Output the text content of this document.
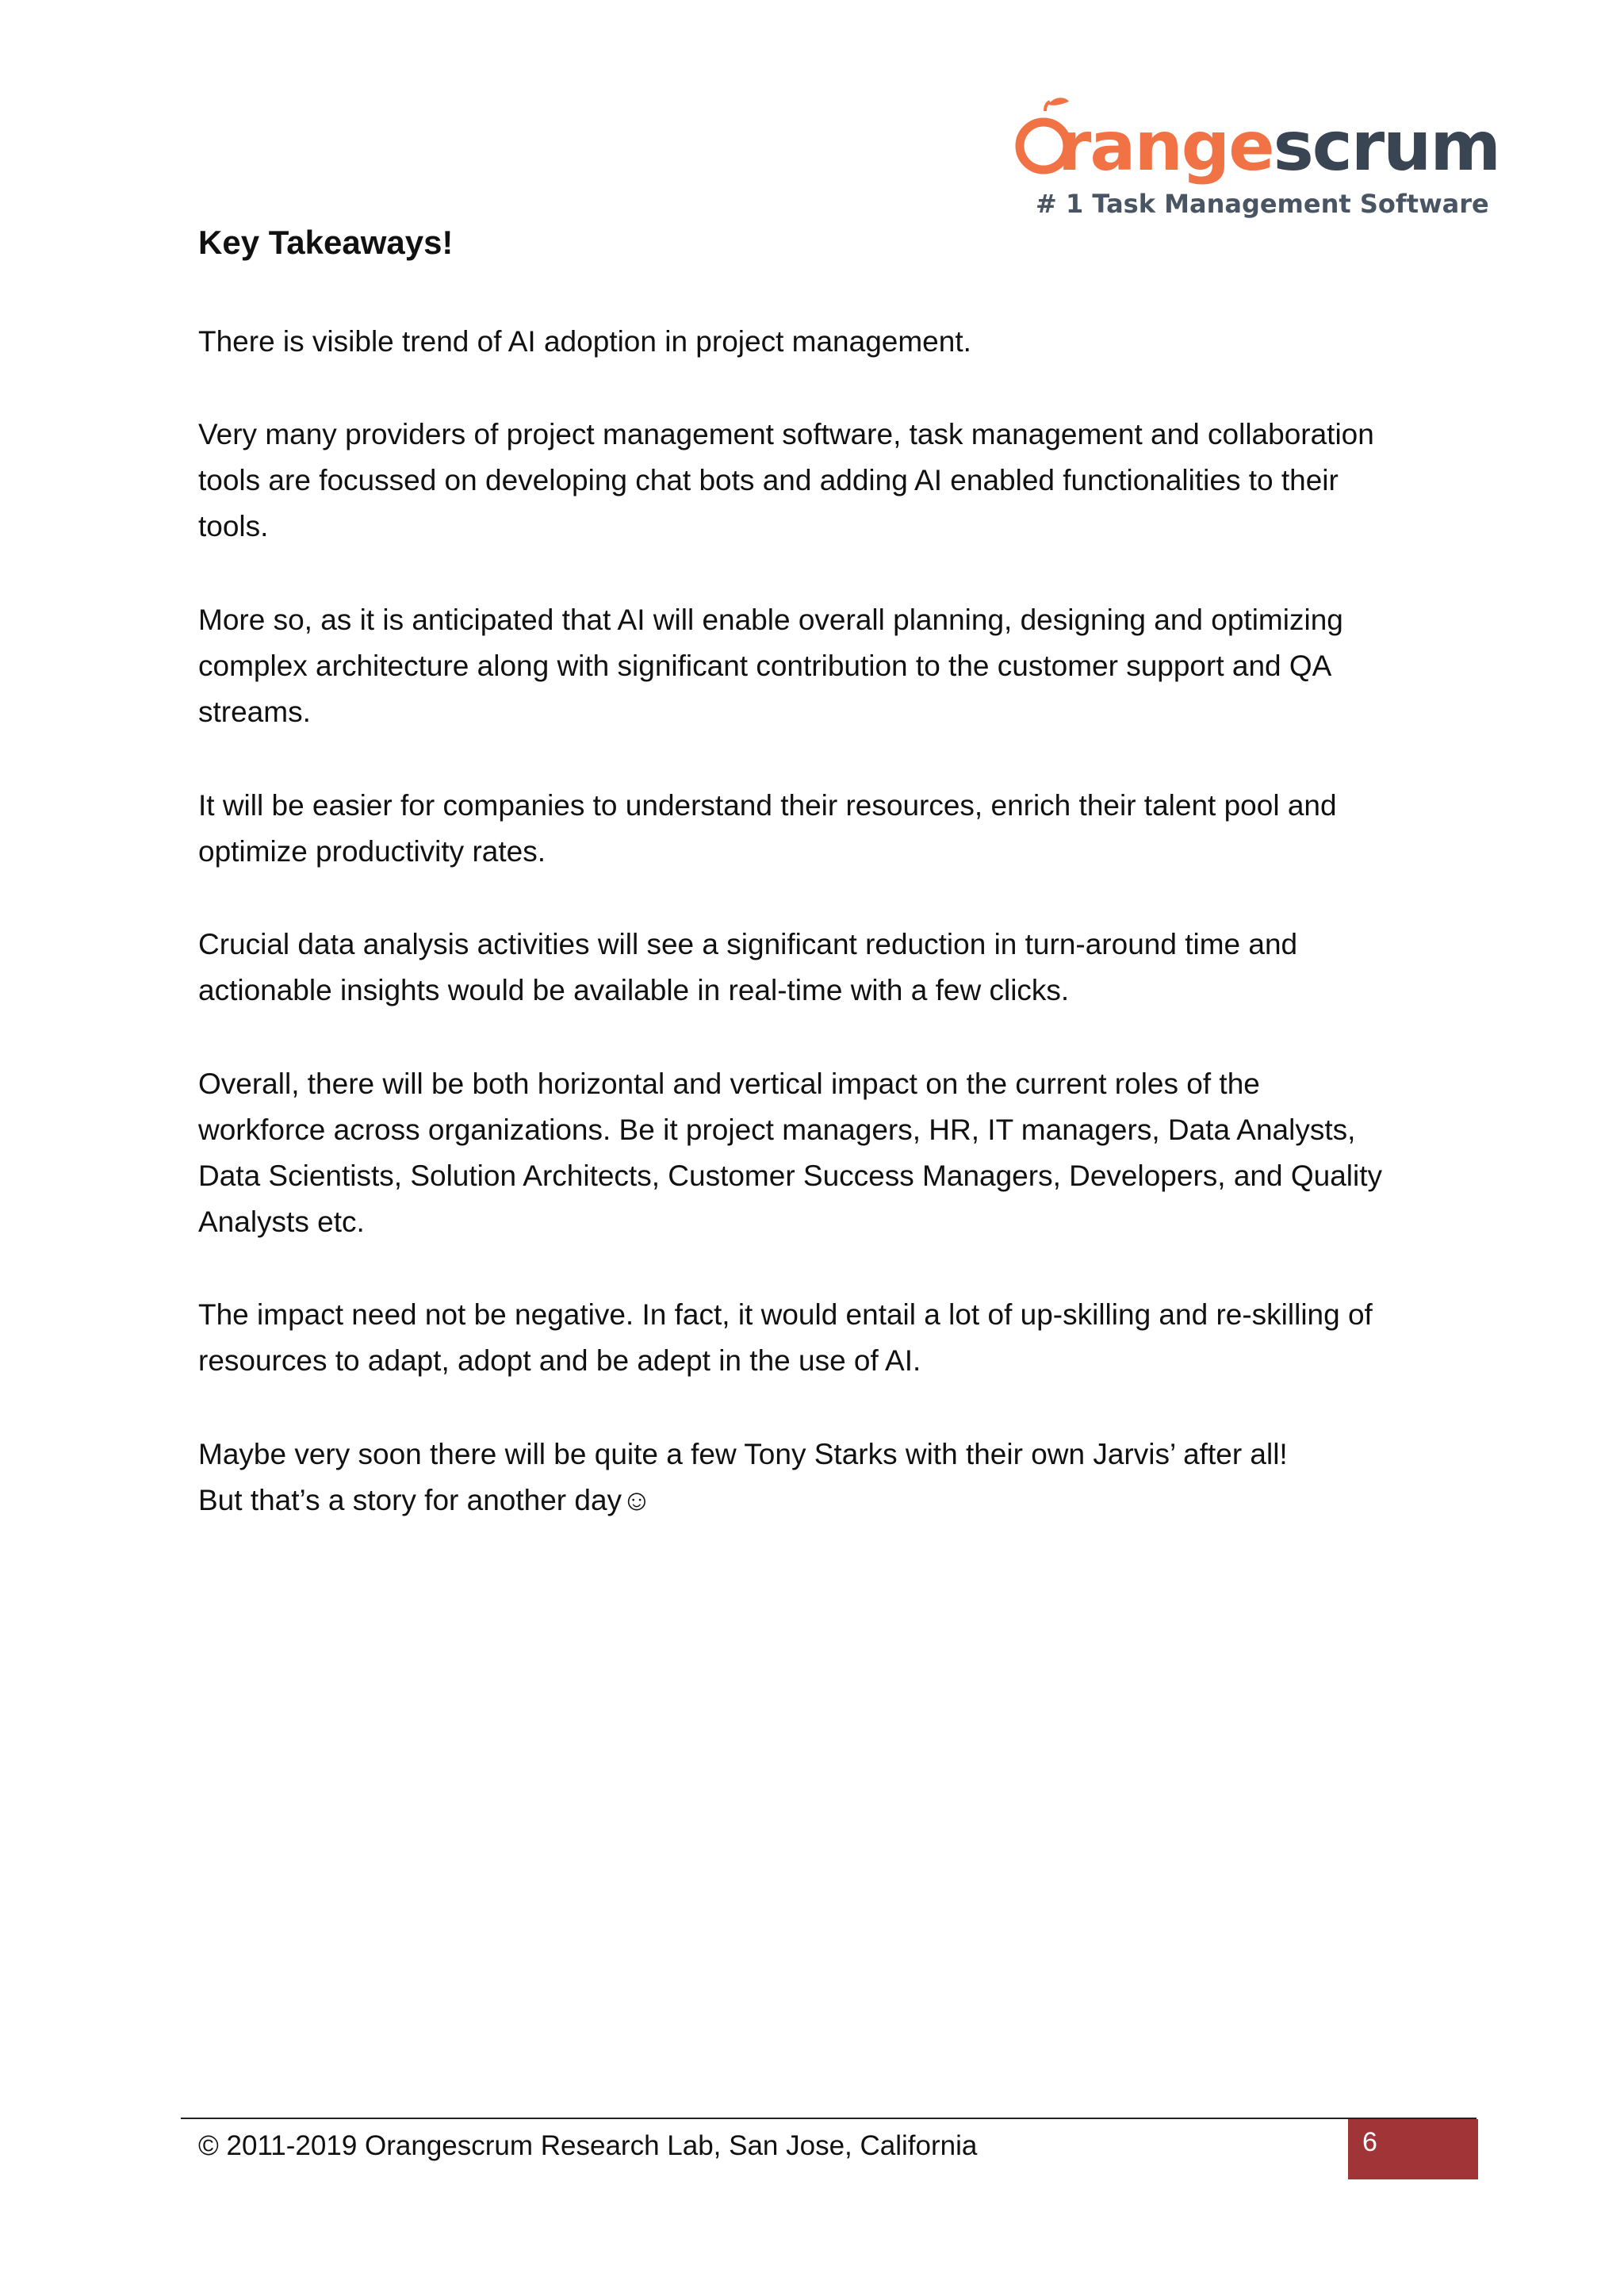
rangescrum
# 1 Task Management Software
Key Takeaways!

There is visible trend of AI adoption in project management.

Very many providers of project management software, task management and collaboration
tools are focussed on developing chat bots and adding AI enabled functionalities to their
tools.

More so, as it is anticipated that AI will enable overall planning, designing and optimizing
complex architecture along with significant contribution to the customer support and QA
streams.

It will be easier for companies to understand their resources, enrich their talent pool and
optimize productivity rates.

Crucial data analysis activities will see a significant reduction in turn-around time and
actionable insights would be available in real-time with a few clicks.

Overall, there will be both horizontal and vertical impact on the current roles of the
workforce across organizations. Be it project managers, HR, IT managers, Data Analysts,
Data Scientists, Solution Architects, Customer Success Managers, Developers, and Quality
Analysts etc.

The impact need not be negative. In fact, it would entail a lot of up-skilling and re-skilling of
resources to adapt, adopt and be adept in the use of AI.

Maybe very soon there will be quite a few Tony Starks with their own Jarvis’ after all!
But that’s a story for another day☺

© 2011-2019 Orangescrum Research Lab, San Jose, California	6
